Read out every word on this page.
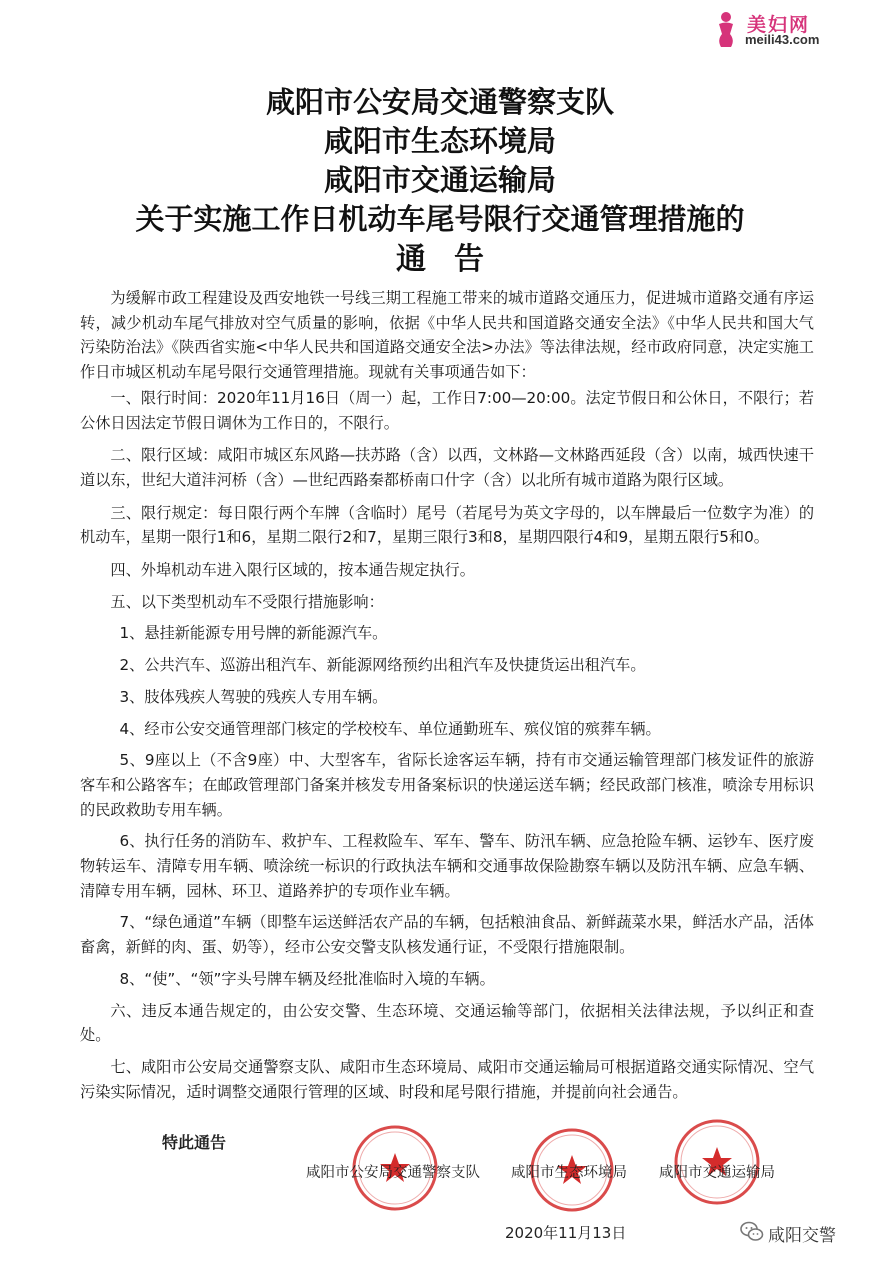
美妇网
meili43.com
咸阳市公安局交通警察支队
咸阳市生态环境局
咸阳市交通运输局
关于实施工作日机动车尾号限行交通管理措施的
通告

为缓解市政工程建设及西安地铁一号线三期工程施工带来的城市道路交通压力，促进城市道路交通有序运转，减少机动车尾气排放对空气质量的影响，依据《中华人民共和国道路交通安全法》《中华人民共和国大气污染防治法》《陕西省实施<中华人民共和国道路交通安全法>办法》等法律法规，经市政府同意，决定实施工作日市城区机动车尾号限行交通管理措施。现就有关事项通告如下：

一、限行时间：2020年11月16日（周一）起，工作日7:00—20:00。法定节假日和公休日，不限行；若公休日因法定节假日调休为工作日的，不限行。

二、限行区域：咸阳市城区东风路—扶苏路（含）以西，文林路—文林路西延段（含）以南，城西快速干道以东，世纪大道沣河桥（含）—世纪西路秦都桥南口什字（含）以北所有城市道路为限行区域。

三、限行规定：每日限行两个车牌（含临时）尾号（若尾号为英文字母的，以车牌最后一位数字为准）的机动车，星期一限行1和6，星期二限行2和7，星期三限行3和8，星期四限行4和9，星期五限行5和0。

四、外埠机动车进入限行区域的，按本通告规定执行。

五、以下类型机动车不受限行措施影响：

1、悬挂新能源专用号牌的新能源汽车。

2、公共汽车、巡游出租汽车、新能源网络预约出租汽车及快捷货运出租汽车。

3、肢体残疾人驾驶的残疾人专用车辆。

4、经市公安交通管理部门核定的学校校车、单位通勤班车、殡仪馆的殡葬车辆。

5、9座以上（不含9座）中、大型客车，省际长途客运车辆，持有市交通运输管理部门核发证件的旅游客车和公路客车；在邮政管理部门备案并核发专用备案标识的快递运送车辆；经民政部门核准，喷涂专用标识的民政救助专用车辆。

6、执行任务的消防车、救护车、工程救险车、军车、警车、防汛车辆、应急抢险车辆、运钞车、医疗废物转运车、清障专用车辆、喷涂统一标识的行政执法车辆和交通事故保险勘察车辆以及防汛车辆、应急车辆、清障专用车辆，园林、环卫、道路养护的专项作业车辆。

7、“绿色通道”车辆（即整车运送鲜活农产品的车辆，包括粮油食品、新鲜蔬菜水果，鲜活水产品，活体畜禽，新鲜的肉、蛋、奶等），经市公安交警支队核发通行证，不受限行措施限制。

8、“使”、“领”字头号牌车辆及经批准临时入境的车辆。

六、违反本通告规定的，由公安交警、生态环境、交通运输等部门，依据相关法律法规，予以纠正和查处。

七、咸阳市公安局交通警察支队、咸阳市生态环境局、咸阳市交通运输局可根据道路交通实际情况、空气污染实际情况，适时调整交通限行管理的区域、时段和尾号限行措施，并提前向社会通告。

特此通告
咸阳市公安局交通警察支队 咸阳市生态环境局 咸阳市交通运输局
2020年11月13日	咸阳交警
